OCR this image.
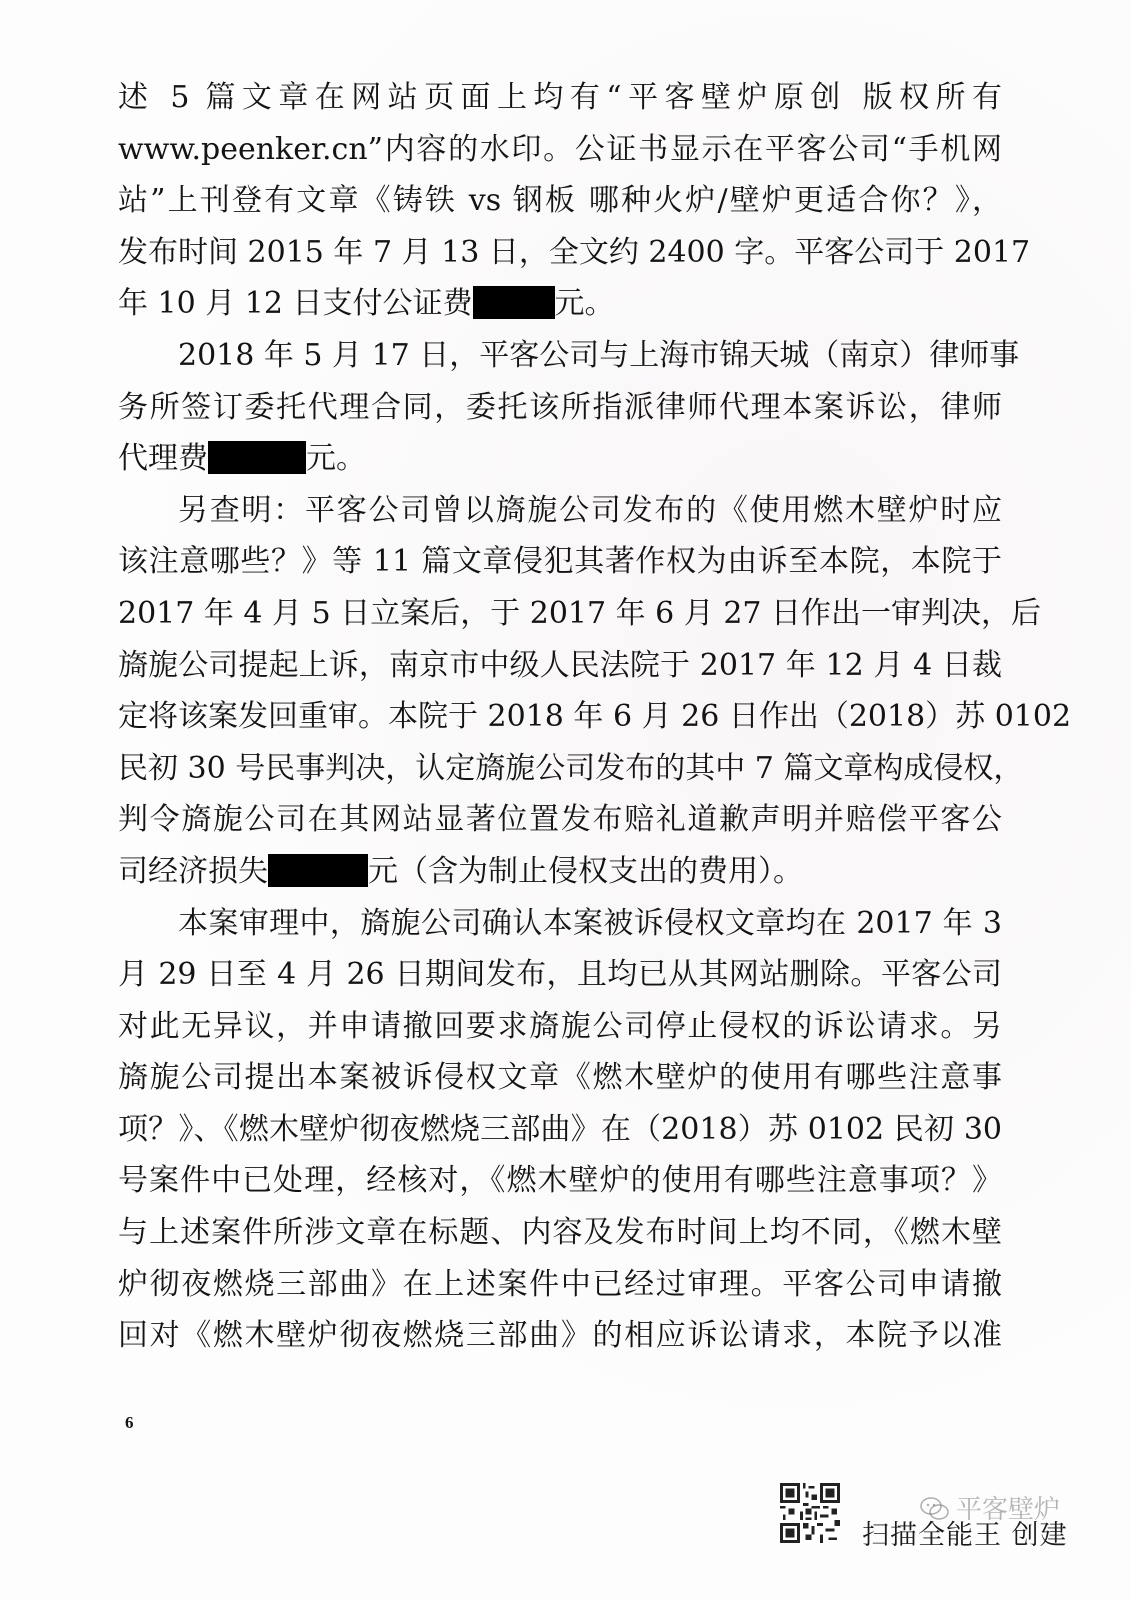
述 5 篇文章在网站页面上均有“平客壁炉原创 版权所有
www.peenker.cn”内容的水印。公证书显示在平客公司“手机网
站”上刊登有文章《铸铁 vs 钢板 哪种火炉/壁炉更适合你？》，
发布时间 2015 年 7 月 13 日，全文约 2400 字。平客公司于 2017
年 10 月 12 日支付公证费	元。
2018 年 5 月 17 日，平客公司与上海市锦天城（南京）律师事
务所签订委托代理合同，委托该所指派律师代理本案诉讼，律师
代理费	元。
另查明：平客公司曾以旖旎公司发布的《使用燃木壁炉时应
该注意哪些？》等 11 篇文章侵犯其著作权为由诉至本院，本院于
2017 年 4 月 5 日立案后，于 2017 年 6 月 27 日作出一审判决，后
旖旎公司提起上诉，南京市中级人民法院于 2017 年 12 月 4 日裁
定将该案发回重审。本院于 2018 年 6 月 26 日作出（2018）苏 0102
民初 30 号民事判决，认定旖旎公司发布的其中 7 篇文章构成侵权，
判令旖旎公司在其网站显著位置发布赔礼道歉声明并赔偿平客公
司经济损失	元（含为制止侵权支出的费用）。
本案审理中，旖旎公司确认本案被诉侵权文章均在 2017 年 3
月 29 日至 4 月 26 日期间发布，且均已从其网站删除。平客公司
对此无异议，并申请撤回要求旖旎公司停止侵权的诉讼请求。另
旖旎公司提出本案被诉侵权文章《燃木壁炉的使用有哪些注意事
项？》、《燃木壁炉彻夜燃烧三部曲》在（2018）苏 0102 民初 30
号案件中已处理，经核对，《燃木壁炉的使用有哪些注意事项？》
与上述案件所涉文章在标题、内容及发布时间上均不同，《燃木壁
炉彻夜燃烧三部曲》在上述案件中已经过审理。平客公司申请撤
回对《燃木壁炉彻夜燃烧三部曲》的相应诉讼请求，本院予以准
6
平客壁炉
扫描全能王 创建
